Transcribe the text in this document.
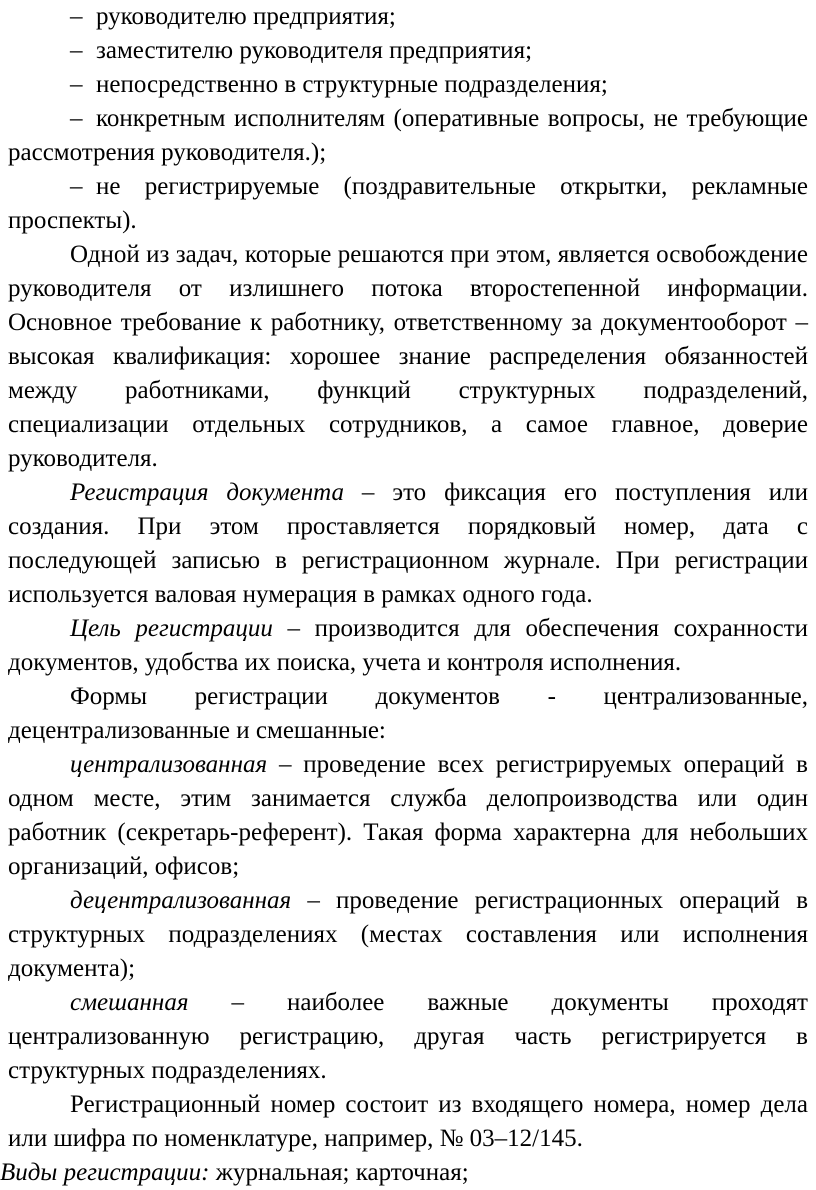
– руководителю предприятия;

– заместителю руководителя предприятия;

– непосредственно в структурные подразделения;

– конкретным исполнителям (оперативные вопросы, не требующие рассмотрения руководителя.);

– не регистрируемые (поздравительные открытки, рекламные проспекты).

Одной из задач, которые решаются при этом, является освобождение руководителя от излишнего потока второстепенной информации. Основное требование к работнику, ответственному за документооборот – высокая квалификация: хорошее знание распределения обязанностей между работниками, функций структурных подразделений, специализации отдельных сотрудников, а самое главное, доверие руководителя.

Регистрация документа – это фиксация его поступления или создания. При этом проставляется порядковый номер, дата с последующей записью в регистрационном журнале. При регистрации используется валовая нумерация в рамках одного года.

Цель регистрации – производится для обеспечения сохранности документов, удобства их поиска, учета и контроля исполнения.

Формы регистрации документов - централизованные, децентрализованные и смешанные:

централизованная – проведение всех регистрируемых операций в одном месте, этим занимается служба делопроизводства или один работник (секретарь-референт). Такая форма характерна для небольших организаций, офисов;

децентрализованная – проведение регистрационных операций в структурных подразделениях (местах составления или исполнения документа);

смешанная – наиболее важные документы проходят централизованную регистрацию, другая часть регистрируется в структурных подразделениях.

Регистрационный номер состоит из входящего номера, номер дела или шифра по номенклатуре, например, № 03–12/145.

Виды регистрации: журнальная; карточная;
